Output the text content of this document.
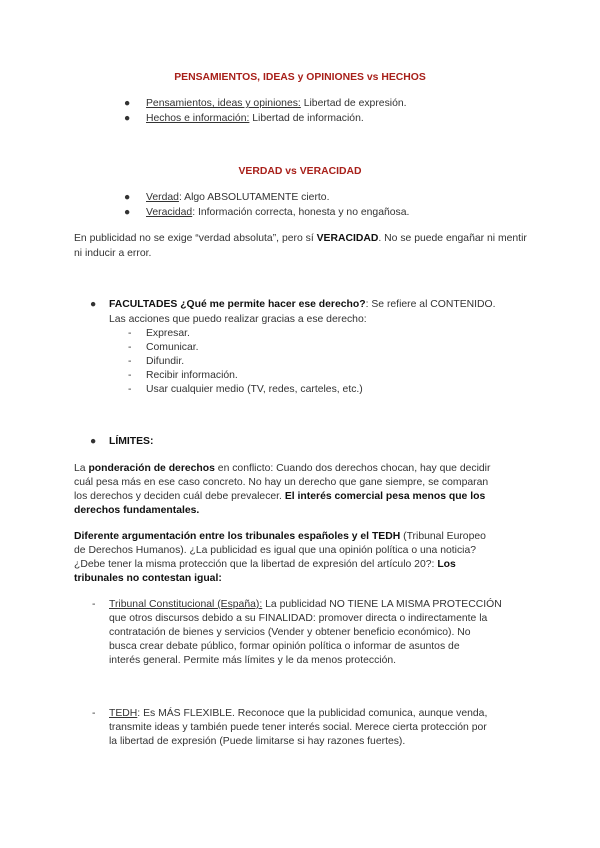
PENSAMIENTOS, IDEAS y OPINIONES vs HECHOS
● Pensamientos, ideas y opiniones: Libertad de expresión.
● Hechos e información: Libertad de información.
VERDAD vs VERACIDAD
● Verdad: Algo ABSOLUTAMENTE cierto.
● Veracidad: Información correcta, honesta y no engañosa.
En publicidad no se exige “verdad absoluta”, pero sí VERACIDAD. No se puede engañar ni mentir ni inducir a error.
● FACULTADES ¿Qué me permite hacer ese derecho?: Se refiere al CONTENIDO.
Las acciones que puedo realizar gracias a ese derecho:
- Expresar.
- Comunicar.
- Difundir.
- Recibir información.
- Usar cualquier medio (TV, redes, carteles, etc.)
● LÍMITES:
La ponderación de derechos en conflicto: Cuando dos derechos chocan, hay que decidir
cuál pesa más en ese caso concreto. No hay un derecho que gane siempre, se comparan
los derechos y deciden cuál debe prevalecer. El interés comercial pesa menos que los
derechos fundamentales.
Diferente argumentación entre los tribunales españoles y el TEDH (Tribunal Europeo
de Derechos Humanos). ¿La publicidad es igual que una opinión política o una noticia?
¿Debe tener la misma protección que la libertad de expresión del artículo 20?: Los
tribunales no contestan igual:
- Tribunal Constitucional (España): La publicidad NO TIENE LA MISMA PROTECCIÓN
que otros discursos debido a su FINALIDAD: promover directa o indirectamente la
contratación de bienes y servicios (Vender y obtener beneficio económico). No
busca crear debate público, formar opinión política o informar de asuntos de
interés general. Permite más límites y le da menos protección.
- TEDH: Es MÁS FLEXIBLE. Reconoce que la publicidad comunica, aunque venda,
transmite ideas y también puede tener interés social. Merece cierta protección por
la libertad de expresión (Puede limitarse si hay razones fuertes).
